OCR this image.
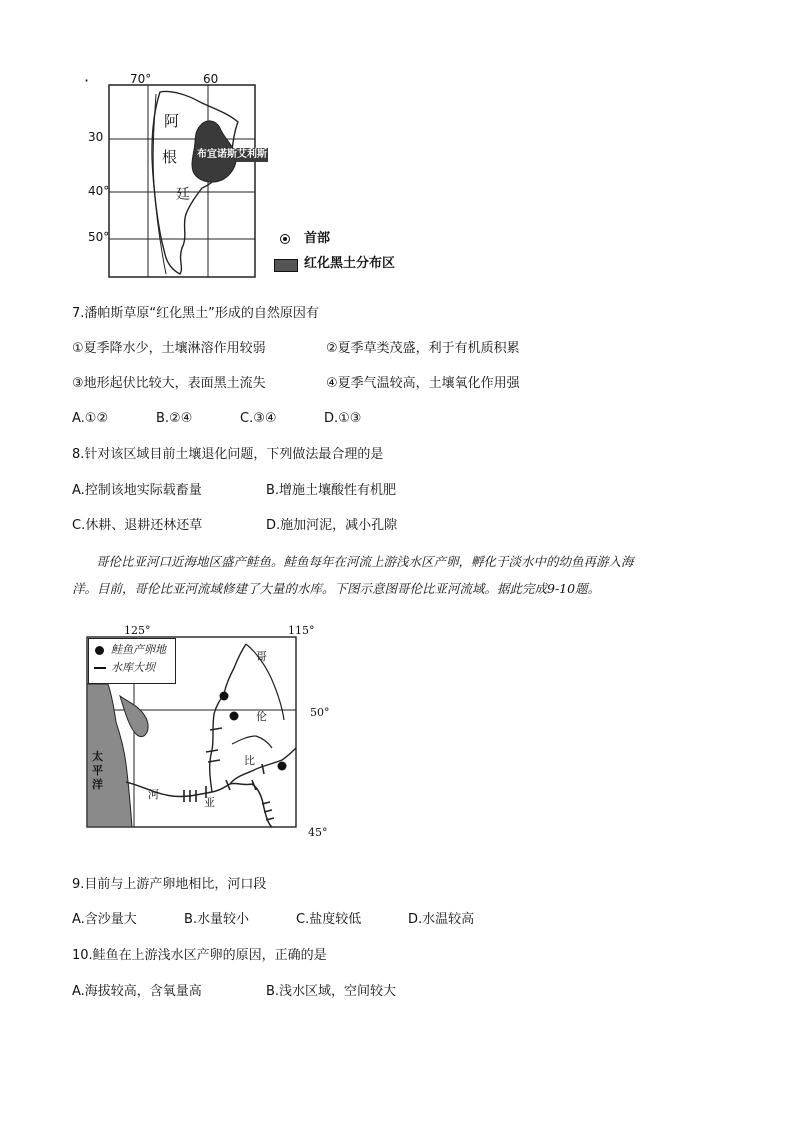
·	70°	60
30
40°
50°
阿
根
廷
布宜诺斯艾利斯
首部
红化黑土分布区
7.潘帕斯草原“红化黑土”形成的自然原因有
①夏季降水少，土壤淋溶作用较弱	②夏季草类茂盛，利于有机质积累
③地形起伏比较大，表面黑土流失	④夏季气温较高，土壤氧化作用强
A.①②	B.②④	C.③④	D.①③
8.针对该区域目前土壤退化问题，下列做法最合理的是
A.控制该地实际载畜量	B.增施土壤酸性有机肥
C.休耕、退耕还林还草	D.施加河泥，减小孔隙
哥伦比亚河口近海地区盛产鲑鱼。鲑鱼每年在河流上游浅水区产卵，孵化于淡水中的幼鱼再游入海
洋。目前，哥伦比亚河流域修建了大量的水库。下图示意图哥伦比亚河流域。据此完成9-10题。
125°	115°
鲑鱼产卵地
水库大坝
50°
45°
太
平
洋
哥
伦
比
亚
河
9.目前与上游产卵地相比，河口段
A.含沙量大	B.水量较小	C.盐度较低	D.水温较高
10.鲑鱼在上游浅水区产卵的原因，正确的是
A.海拔较高，含氧量高	B.浅水区域，空间较大
